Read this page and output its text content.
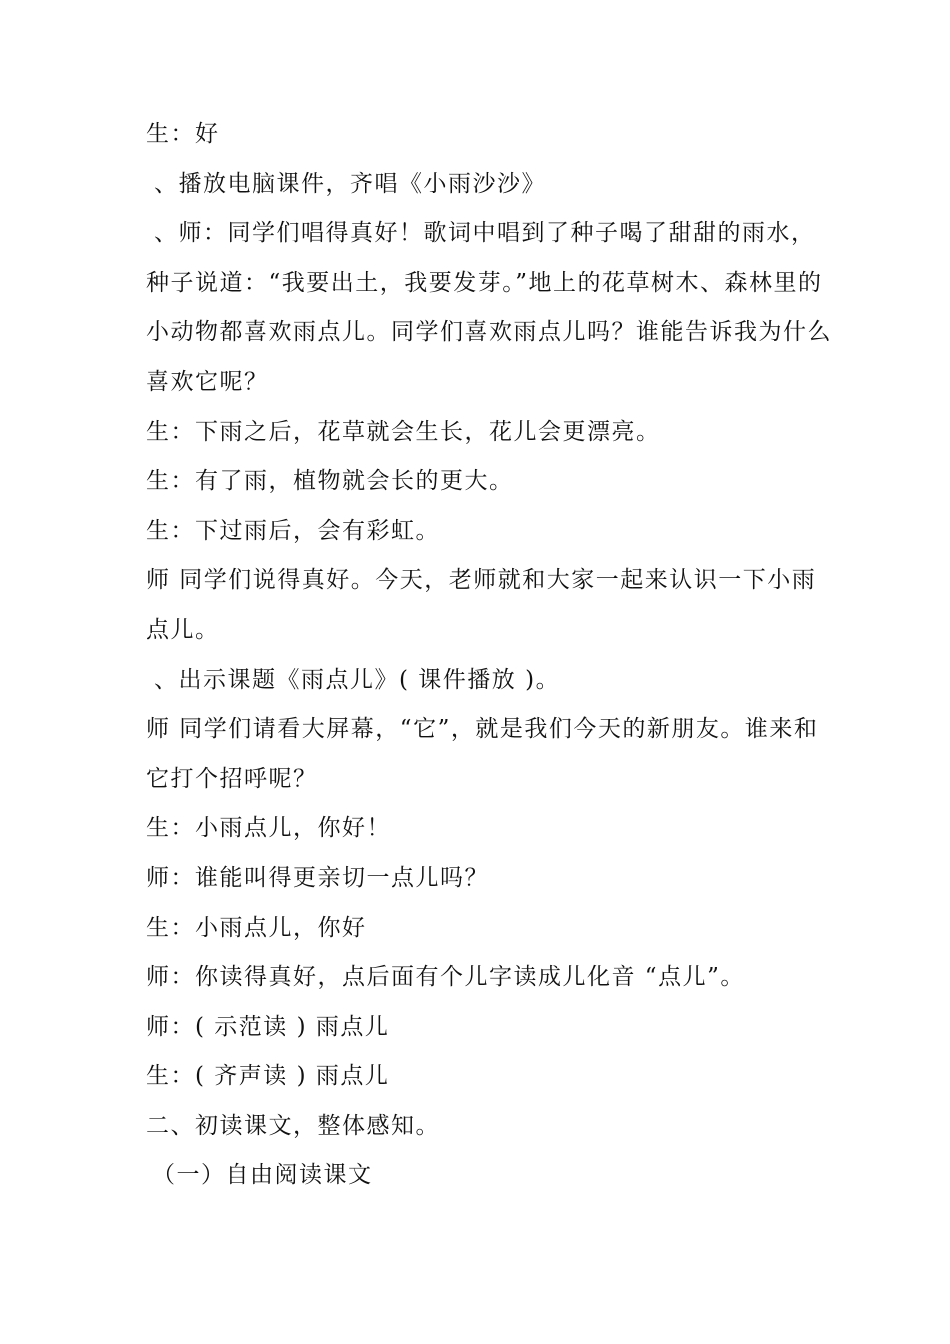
生：好
、播放电脑课件，齐唱《小雨沙沙》
、师：同学们唱得真好！歌词中唱到了种子喝了甜甜的雨水，
种子说道：“我要出土，我要发芽。”地上的花草树木、森林里的
小动物都喜欢雨点儿。同学们喜欢雨点儿吗？谁能告诉我为什么
喜欢它呢？
生：下雨之后，花草就会生长，花儿会更漂亮。
生：有了雨，植物就会长的更大。
生：下过雨后，会有彩虹。
师 同学们说得真好。今天，老师就和大家一起来认识一下小雨
点儿。
、出示课题《雨点儿》( 课件播放 )。
师 同学们请看大屏幕，“它”，就是我们今天的新朋友。谁来和
它打个招呼呢？
生：小雨点儿，你好！
师：谁能叫得更亲切一点儿吗？
生：小雨点儿，你好
师：你读得真好，点后面有个儿字读成儿化音 “点儿”。
师：( 示范读 ) 雨点儿
生：( 齐声读 ) 雨点儿
二、初读课文，整体感知。
（一）自由阅读课文
